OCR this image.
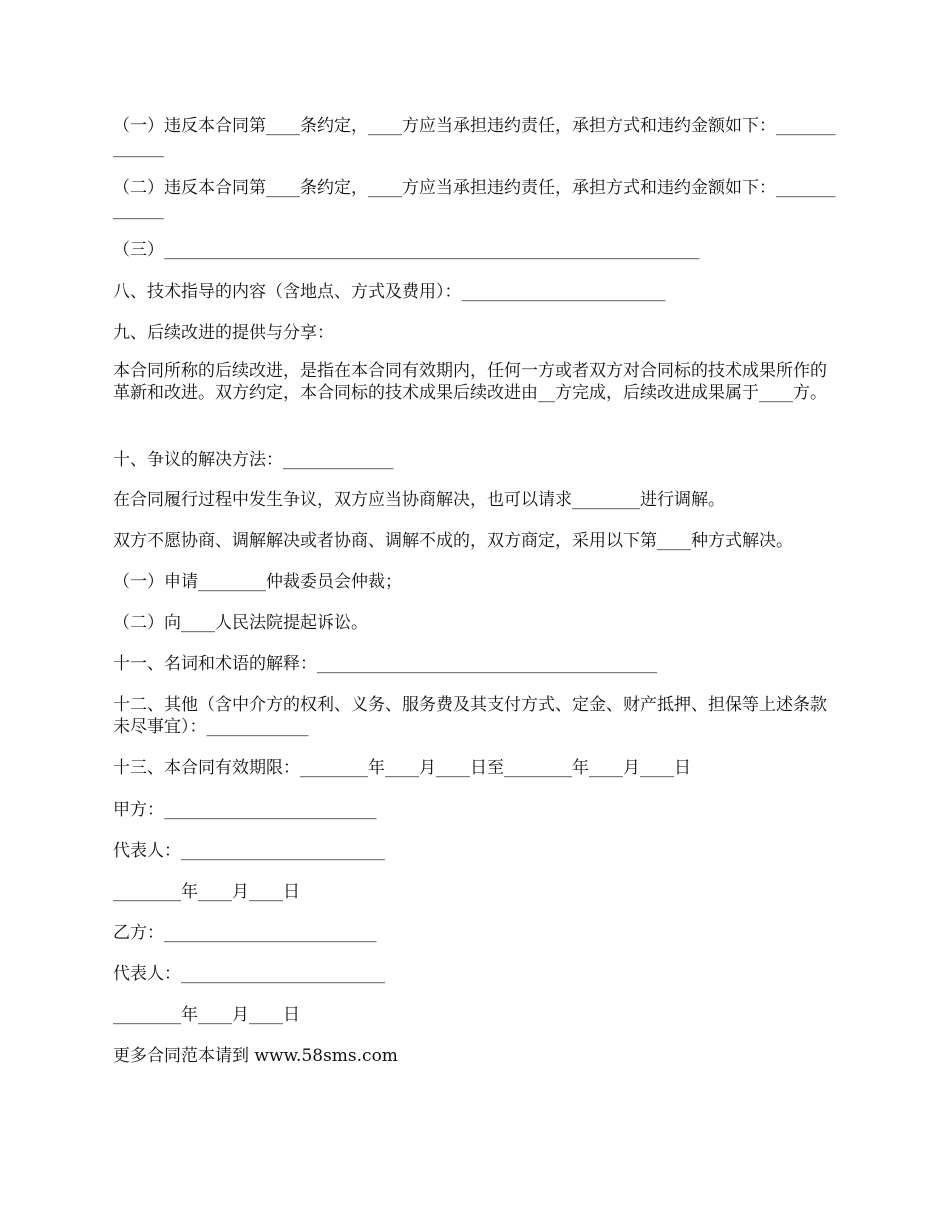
（一）违反本合同第____条约定，____方应当承担违约责任，承担方式和违约金额如下：_____________

（二）违反本合同第____条约定，____方应当承担违约责任，承担方式和违约金额如下：_____________

（三）_______________________________________________________________

八、技术指导的内容（含地点、方式及费用）：________________________

九、后续改进的提供与分享：

本合同所称的后续改进，是指在本合同有效期内，任何一方或者双方对合同标的技术成果所作的革新和改进。双方约定，本合同标的技术成果后续改进由__方完成，后续改进成果属于____方。

十、争议的解决方法：_____________

在合同履行过程中发生争议，双方应当协商解决，也可以请求________进行调解。

双方不愿协商、调解解决或者协商、调解不成的，双方商定，采用以下第____种方式解决。

（一）申请________仲裁委员会仲裁；

（二）向____人民法院提起诉讼。

十一、名词和术语的解释：________________________________________

十二、其他（含中介方的权利、义务、服务费及其支付方式、定金、财产抵押、担保等上述条款未尽事宜）：____________

十三、本合同有效期限：________年____月____日至________年____月____日

甲方：_________________________

代表人：________________________

________年____月____日

乙方：_________________________

代表人：________________________

________年____月____日

更多合同范本请到 www.58sms.com
